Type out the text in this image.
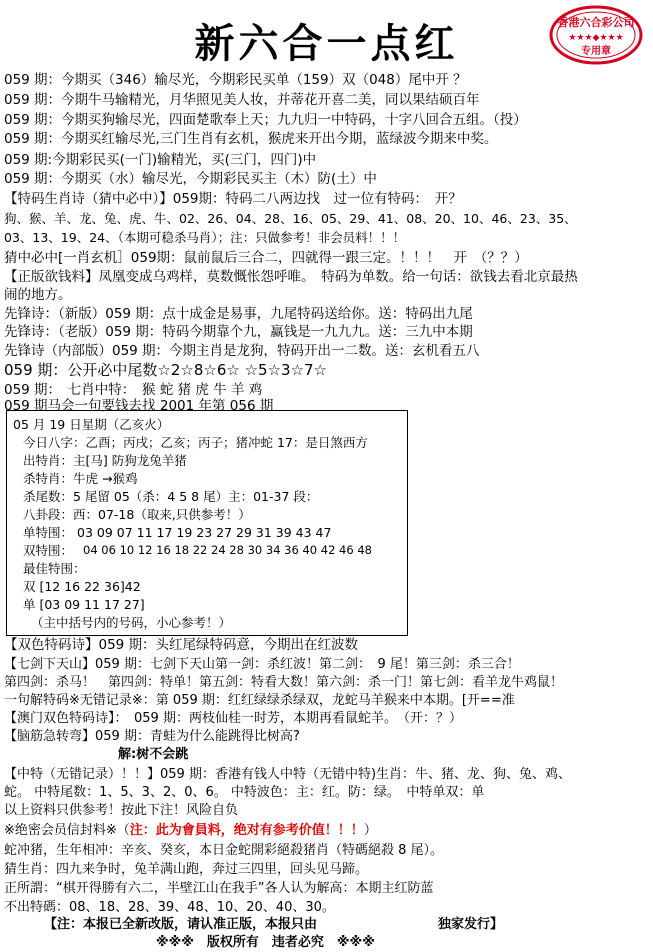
新六合一点红	香港六合彩公司
★★★◆★★★
专用章
059 期：今期买（346）输尽光，今期彩民买单（159）双（048）尾中开 ？
059 期：今期牛马输精光，月华照见美人妆，并蒂花开喜二美，同以果结硕百年
059 期：今期买狗输尽光，四面楚歌奉上天；九九归一中特码，十字八回合五组。（投）
059 期：今期买红输尽光,三门生肖有玄机，猴虎来开出今期，蓝绿波今期来中奖。
059 期:今期彩民买(一门)输精光，买(三门，四门)中
059 期：今期买（水）输尽光，今期彩民买主（木）防(土）中
【特码生肖诗（猜中必中）】059期：特码二八两边找　过一位有特码：　开？
狗、猴、羊、龙、兔、虎、牛、02、26、04、28、16、05、29、41、08、20、10、46、23、35、
03、13、19、24、（本期可稳杀马肖）；注：只做参考！非会员料！！！
猜中必中[一肖玄机］059期：鼠前鼠后三合二，四就得一跟三定。！！！　开　（？？）
【正版欲钱料】凤凰变成乌鸡样，莫数慨怅怨呼唯。　特码为单数。给一句话：欲钱去看北京最热
闹的地方。
先锋诗：（新版）059 期：点十成金是易事，九尾特码送给你。送：特码出九尾
先锋诗：（老版）059 期：特码今期靠个九，赢钱是一九九九。送：三九中本期
先锋诗（内部版）059 期：今期主肖是龙狗，特码开出一二数。送：玄机看五八
059 期：公开必中尾数☆2☆8☆6☆ ☆5☆3☆7☆
059 期：　七肖中特：　猴 蛇 猪 虎 牛 羊 鸡
059 期马会一句要钱去找 2001 年第 056 期
05 月 19 日星期（乙亥火）
今日八字：乙酉；丙戌；乙亥；丙子；猪冲蛇 17：是日煞西方
出特肖：主[马] 防狗龙兔羊猪
杀特肖：牛虎 →猴鸡
杀尾数：5 尾留 05（杀：4 5 8 尾）主：01-37 段：
八卦段：西：07-18（取来,只供参考！）
单特围： 03 09 07 11 17 19 23 27 29 31 39 43 47
双特围： 04 06 10 12 16 18 22 24 28 30 34 36 40 42 46 48
最佳特围：
双 [12 16 22 36]42
单 [03 09 11 17 27]
（主中括号内的号码，小心参考！）
【双色特码诗】059 期：头红尾绿特码意，今期出在红波数
【七剑下天山】059 期：七剑下天山第一剑：杀红波！第二剑：　9 尾！第三剑：杀三合！
第四剑：杀马！　第四剑：特单！第五剑：特看大数！第六剑：杀一门！第七剑：看羊龙牛鸡鼠！
一句解特码※无错记录※：第 059 期：红红绿绿杀绿双，龙蛇马羊猴来中本期。[开==准
【澳门双色特码诗】：　059 期：两枝仙桂一时芳，本期再看鼠蛇羊。　（开：？）
【脑筋急转弯】059 期：青蛙为什么能跳得比树高?
解:树不会跳
【中特（无错记录）！！】059 期：香港有钱人中特（无错中特)生肖：牛、猪、龙、狗、兔、鸡、
蛇。 中特尾数：1、5、3、2、0、6。 中特波色：主：红。防：绿。　中特单双：单
以上资料只供参考！按此下注！风险自负
※绝密会员信封料※（注：此为會員料，绝对有参考价值！！！）
蛇冲猪，生年相冲：辛亥、癸亥，本日金蛇開彩絕殺猪肖（特碼絕殺 8 尾）。
猜生肖：四九来争时，兔羊满山跑，奔过三四里，回头见马蹄。
正所謂：“棋开得勝有六二，半壁江山在我手”各人认为解高：本期主红防蓝
不出特碼：08、18、28、39、48、10、20、40、30。
【注：本报已全新改版，请认准正版，本报只由	独家发行】
※※※　版权所有　违者必究　※※※
